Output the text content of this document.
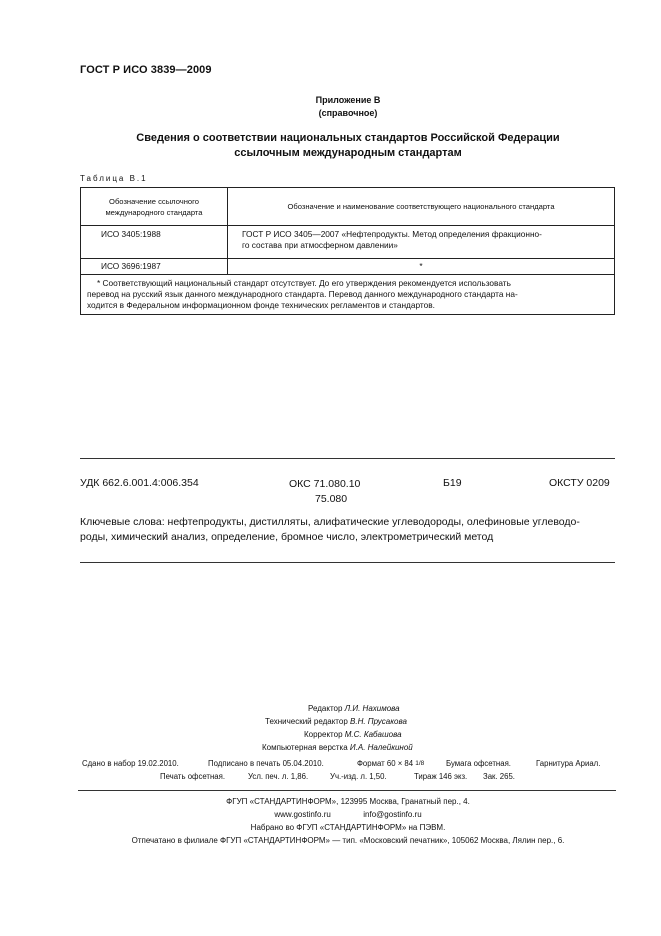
ГОСТ Р ИСО 3839—2009
Приложение В
(справочное)
Сведения о соответствии национальных стандартов Российской Федерации
ссылочным международным стандартам
Таблица В.1
Обозначение ссылочного
международного стандарта	Обозначение и наименование соответствующего национального стандарта
ИСО 3405:1988	ГОСТ Р ИСО 3405—2007 «Нефтепродукты. Метод определения фракционно-
го состава при атмосферном давлении»

ИСО 3696:1987	*

* Соответствующий национальный стандарт отсутствует. До его утверждения рекомендуется использовать
перевод на русский язык данного международного стандарта. Перевод данного международного стандарта на-
ходится в Федеральном информационном фонде технических регламентов и стандартов.	
УДК 662.6.001.4:006.354	ОКС 71.080.10
75.080
Б19	ОКСТУ 0209
Ключевые слова: нефтепродукты, дистилляты, алифатические углеводороды, олефиновые углеводо-
роды, химический анализ, определение, бромное число, электрометрический метод
Редактор Л.И. Нахимова
Технический редактор В.Н. Прусакова
Корректор М.С. Кабашова
Компьютерная верстка И.А. Налейкиной
Сдано в набор 19.02.2010.	Подписано в печать 05.04.2010.	Формат 60 × 84 1/8	Бумага офсетная.	Гарнитура Ариал.
Печать офсетная.	Усл. печ. л. 1,86.	Уч.-изд. л. 1,50.	Тираж 146 экз. Зак. 265.
ФГУП «СТАНДАРТИНФОРМ», 123995 Москва, Гранатный пер., 4.
www.gostinfo.ru	info@gostinfo.ru
Набрано во ФГУП «СТАНДАРТИНФОРМ» на ПЭВМ.
Отпечатано в филиале ФГУП «СТАНДАРТИНФОРМ» — тип. «Московский печатник», 105062 Москва, Лялин пер., 6.
